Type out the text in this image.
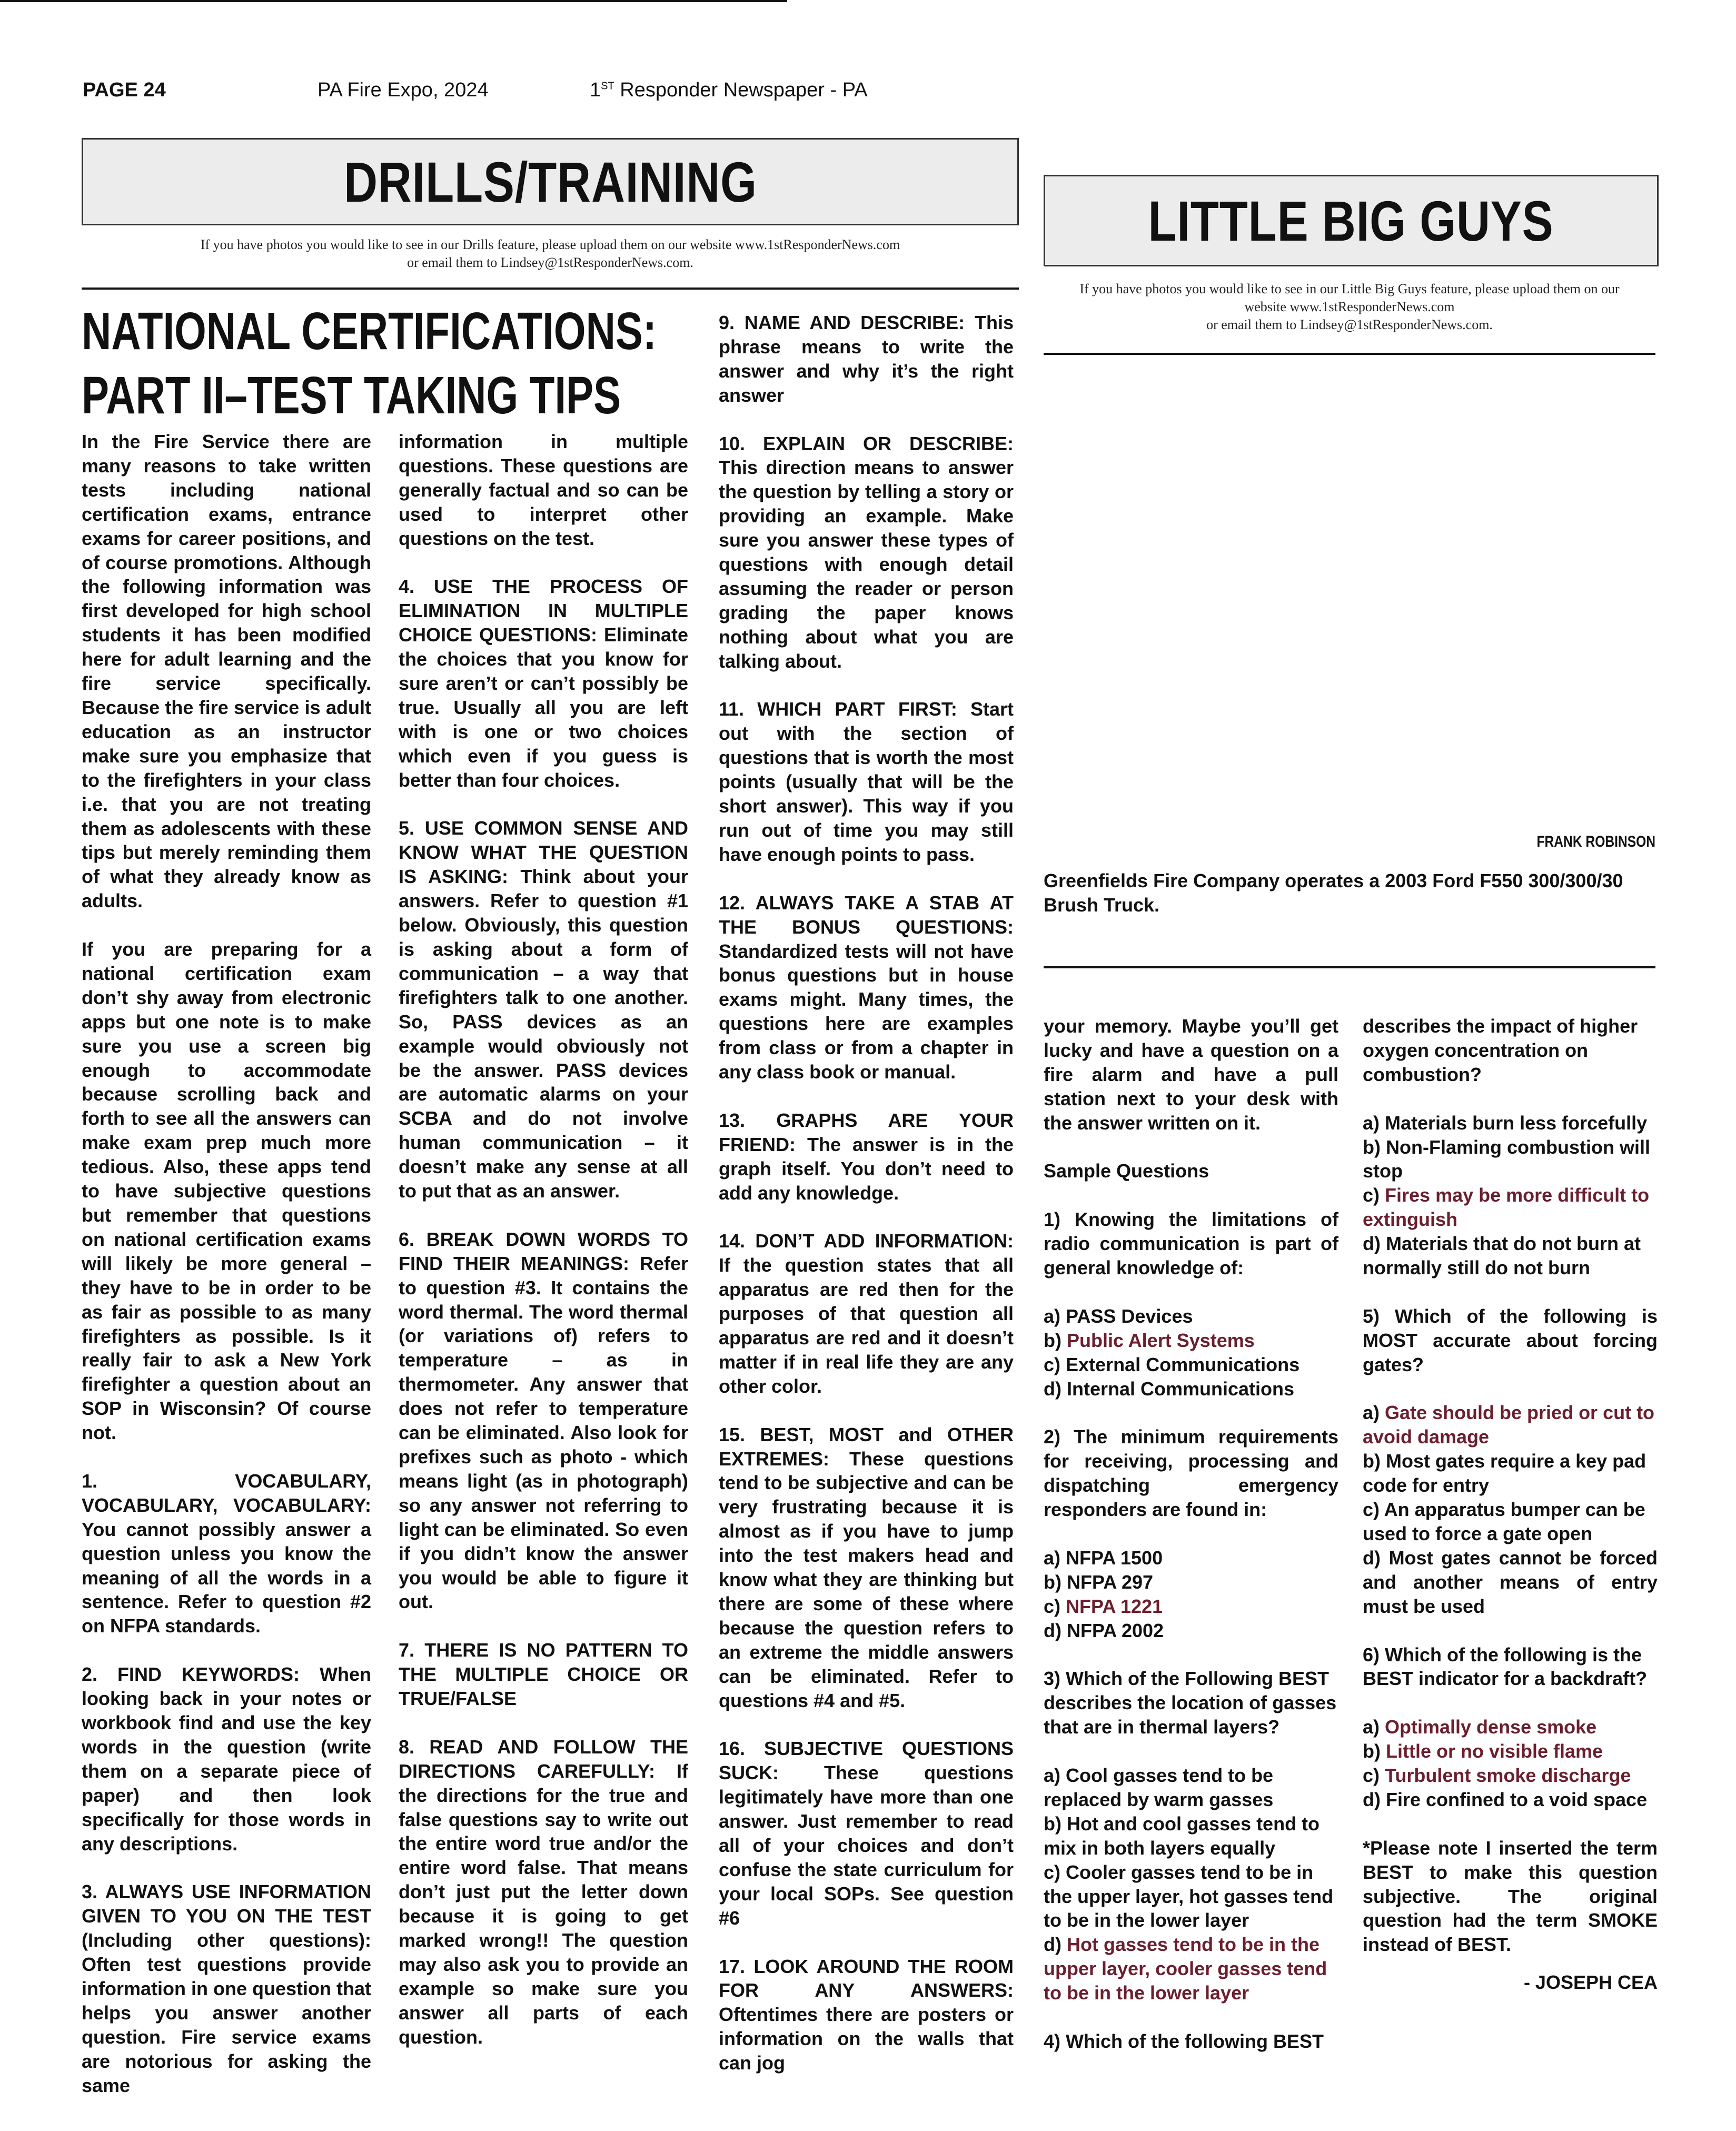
PAGE 24	PA Fire Expo, 2024	1ST Responder Newspaper - PA
DRILLS/TRAINING
If you have photos you would like to see in our Drills feature, please upload them on our website www.1stResponderNews.com
or email them to Lindsey@1stResponderNews.com.
NATIONAL CERTIFICATIONS:
PART II–TEST TAKING TIPS

In the Fire Service there are many reasons to take written tests including national certification exams, entrance exams for career positions, and of course promotions. Although the following information was first developed for high school students it has been modified here for adult learning and the fire service specifically. Because the fire service is adult education as an instructor make sure you emphasize that to the firefighters in your class i.e. that you are not treating them as adolescents with these tips but merely reminding them of what they already know as adults.

If you are preparing for a national certification exam don’t shy away from electronic apps but one note is to make sure you use a screen big enough to accommodate because scrolling back and forth to see all the answers can make exam prep much more tedious. Also, these apps tend to have subjective questions but remember that questions on national certification exams will likely be more general – they have to be in order to be as fair as possible to as many firefighters as possible. Is it really fair to ask a New York firefighter a question about an SOP in Wisconsin? Of course not.

1. VOCABULARY, VOCABULARY, VOCABULARY: You cannot possibly answer a question unless you know the meaning of all the words in a sentence. Refer to question #2 on NFPA standards.

2. FIND KEYWORDS: When looking back in your notes or workbook find and use the key words in the question (write them on a separate piece of paper) and then look specifically for those words in any descriptions.

3. ALWAYS USE INFORMATION GIVEN TO YOU ON THE TEST (Including other questions): Often test questions provide information in one question that helps you answer another question. Fire service exams are notorious for asking the same

information in multiple questions. These questions are generally factual and so can be used to interpret other questions on the test.

4. USE THE PROCESS OF ELIMINATION IN MULTIPLE CHOICE QUESTIONS: Eliminate the choices that you know for sure aren’t or can’t possibly be true. Usually all you are left with is one or two choices which even if you guess is better than four choices.

5. USE COMMON SENSE AND KNOW WHAT THE QUESTION IS ASKING: Think about your answers. Refer to question #1 below. Obviously, this question is asking about a form of communication – a way that firefighters talk to one another. So, PASS devices as an example would obviously not be the answer. PASS devices are automatic alarms on your SCBA and do not involve human communication – it doesn’t make any sense at all to put that as an answer.

6. BREAK DOWN WORDS TO FIND THEIR MEANINGS: Refer to question #3. It contains the word thermal. The word thermal (or variations of) refers to temperature – as in thermometer. Any answer that does not refer to temperature can be eliminated. Also look for prefixes such as photo - which means light (as in photograph) so any answer not referring to light can be eliminated. So even if you didn’t know the answer you would be able to figure it out.

7. THERE IS NO PATTERN TO THE MULTIPLE CHOICE OR TRUE/FALSE

8. READ AND FOLLOW THE DIRECTIONS CAREFULLY: If the directions for the true and false questions say to write out the entire word true and/or the entire word false. That means don’t just put the letter down because it is going to get marked wrong!! The question may also ask you to provide an example so make sure you answer all parts of each question.

9. NAME AND DESCRIBE: This phrase means to write the answer and why it’s the right answer

10. EXPLAIN OR DESCRIBE: This direction means to answer the question by telling a story or providing an example. Make sure you answer these types of questions with enough detail assuming the reader or person grading the paper knows nothing about what you are talking about.

11. WHICH PART FIRST: Start out with the section of questions that is worth the most points (usually that will be the short answer). This way if you run out of time you may still have enough points to pass.

12. ALWAYS TAKE A STAB AT THE BONUS QUESTIONS: Standardized tests will not have bonus questions but in house exams might. Many times, the questions here are examples from class or from a chapter in any class book or manual.

13. GRAPHS ARE YOUR FRIEND: The answer is in the graph itself. You don’t need to add any knowledge.

14. DON’T ADD INFORMATION: If the question states that all apparatus are red then for the purposes of that question all apparatus are red and it doesn’t matter if in real life they are any other color.

15. BEST, MOST and OTHER EXTREMES: These questions tend to be subjective and can be very frustrating because it is almost as if you have to jump into the test makers head and know what they are thinking but there are some of these where because the question refers to an extreme the middle answers can be eliminated. Refer to questions #4 and #5.

16. SUBJECTIVE QUESTIONS SUCK: These questions legitimately have more than one answer. Just remember to read all of your choices and don’t confuse the state curriculum for your local SOPs. See question #6

17. LOOK AROUND THE ROOM FOR ANY ANSWERS: Oftentimes there are posters or information on the walls that can jog

LITTLE BIG GUYS
If you have photos you would like to see in our Little Big Guys feature, please upload them on our
website www.1stResponderNews.com
or email them to Lindsey@1stResponderNews.com.
FRANK ROBINSON
Greenfields Fire Company operates a 2003 Ford F550 300/300/30 Brush Truck.

your memory. Maybe you’ll get lucky and have a question on a fire alarm and have a pull station next to your desk with the answer written on it.

Sample Questions

1) Knowing the limitations of radio communication is part of general knowledge of:

a) PASS Devices
b) Public Alert Systems
c) External Communications
d) Internal Communications

2) The minimum requirements for receiving, processing and dispatching emergency responders are found in:

a) NFPA 1500
b) NFPA 297
c) NFPA 1221
d) NFPA 2002

3) Which of the Following BEST describes the location of gasses that are in thermal layers?

a) Cool gasses tend to be replaced by warm gasses
b) Hot and cool gasses tend to mix in both layers equally
c) Cooler gasses tend to be in the upper layer, hot gasses tend to be in the lower layer
d) Hot gasses tend to be in the upper layer, cooler gasses tend to be in the lower layer

4) Which of the following BEST

describes the impact of higher oxygen concentration on combustion?

a) Materials burn less forcefully
b) Non-Flaming combustion will stop
c) Fires may be more difficult to extinguish
d) Materials that do not burn at normally still do not burn

5) Which of the following is MOST accurate about forcing gates?

a) Gate should be pried or cut to avoid damage
b) Most gates require a key pad code for entry
c) An apparatus bumper can be used to force a gate open
d) Most gates cannot be forced and another means of entry must be used

6) Which of the following is the BEST indicator for a backdraft?

a) Optimally dense smoke
b) Little or no visible flame
c) Turbulent smoke discharge
d) Fire confined to a void space

*Please note I inserted the term BEST to make this question subjective. The original question had the term SMOKE instead of BEST.

- JOSEPH CEA
